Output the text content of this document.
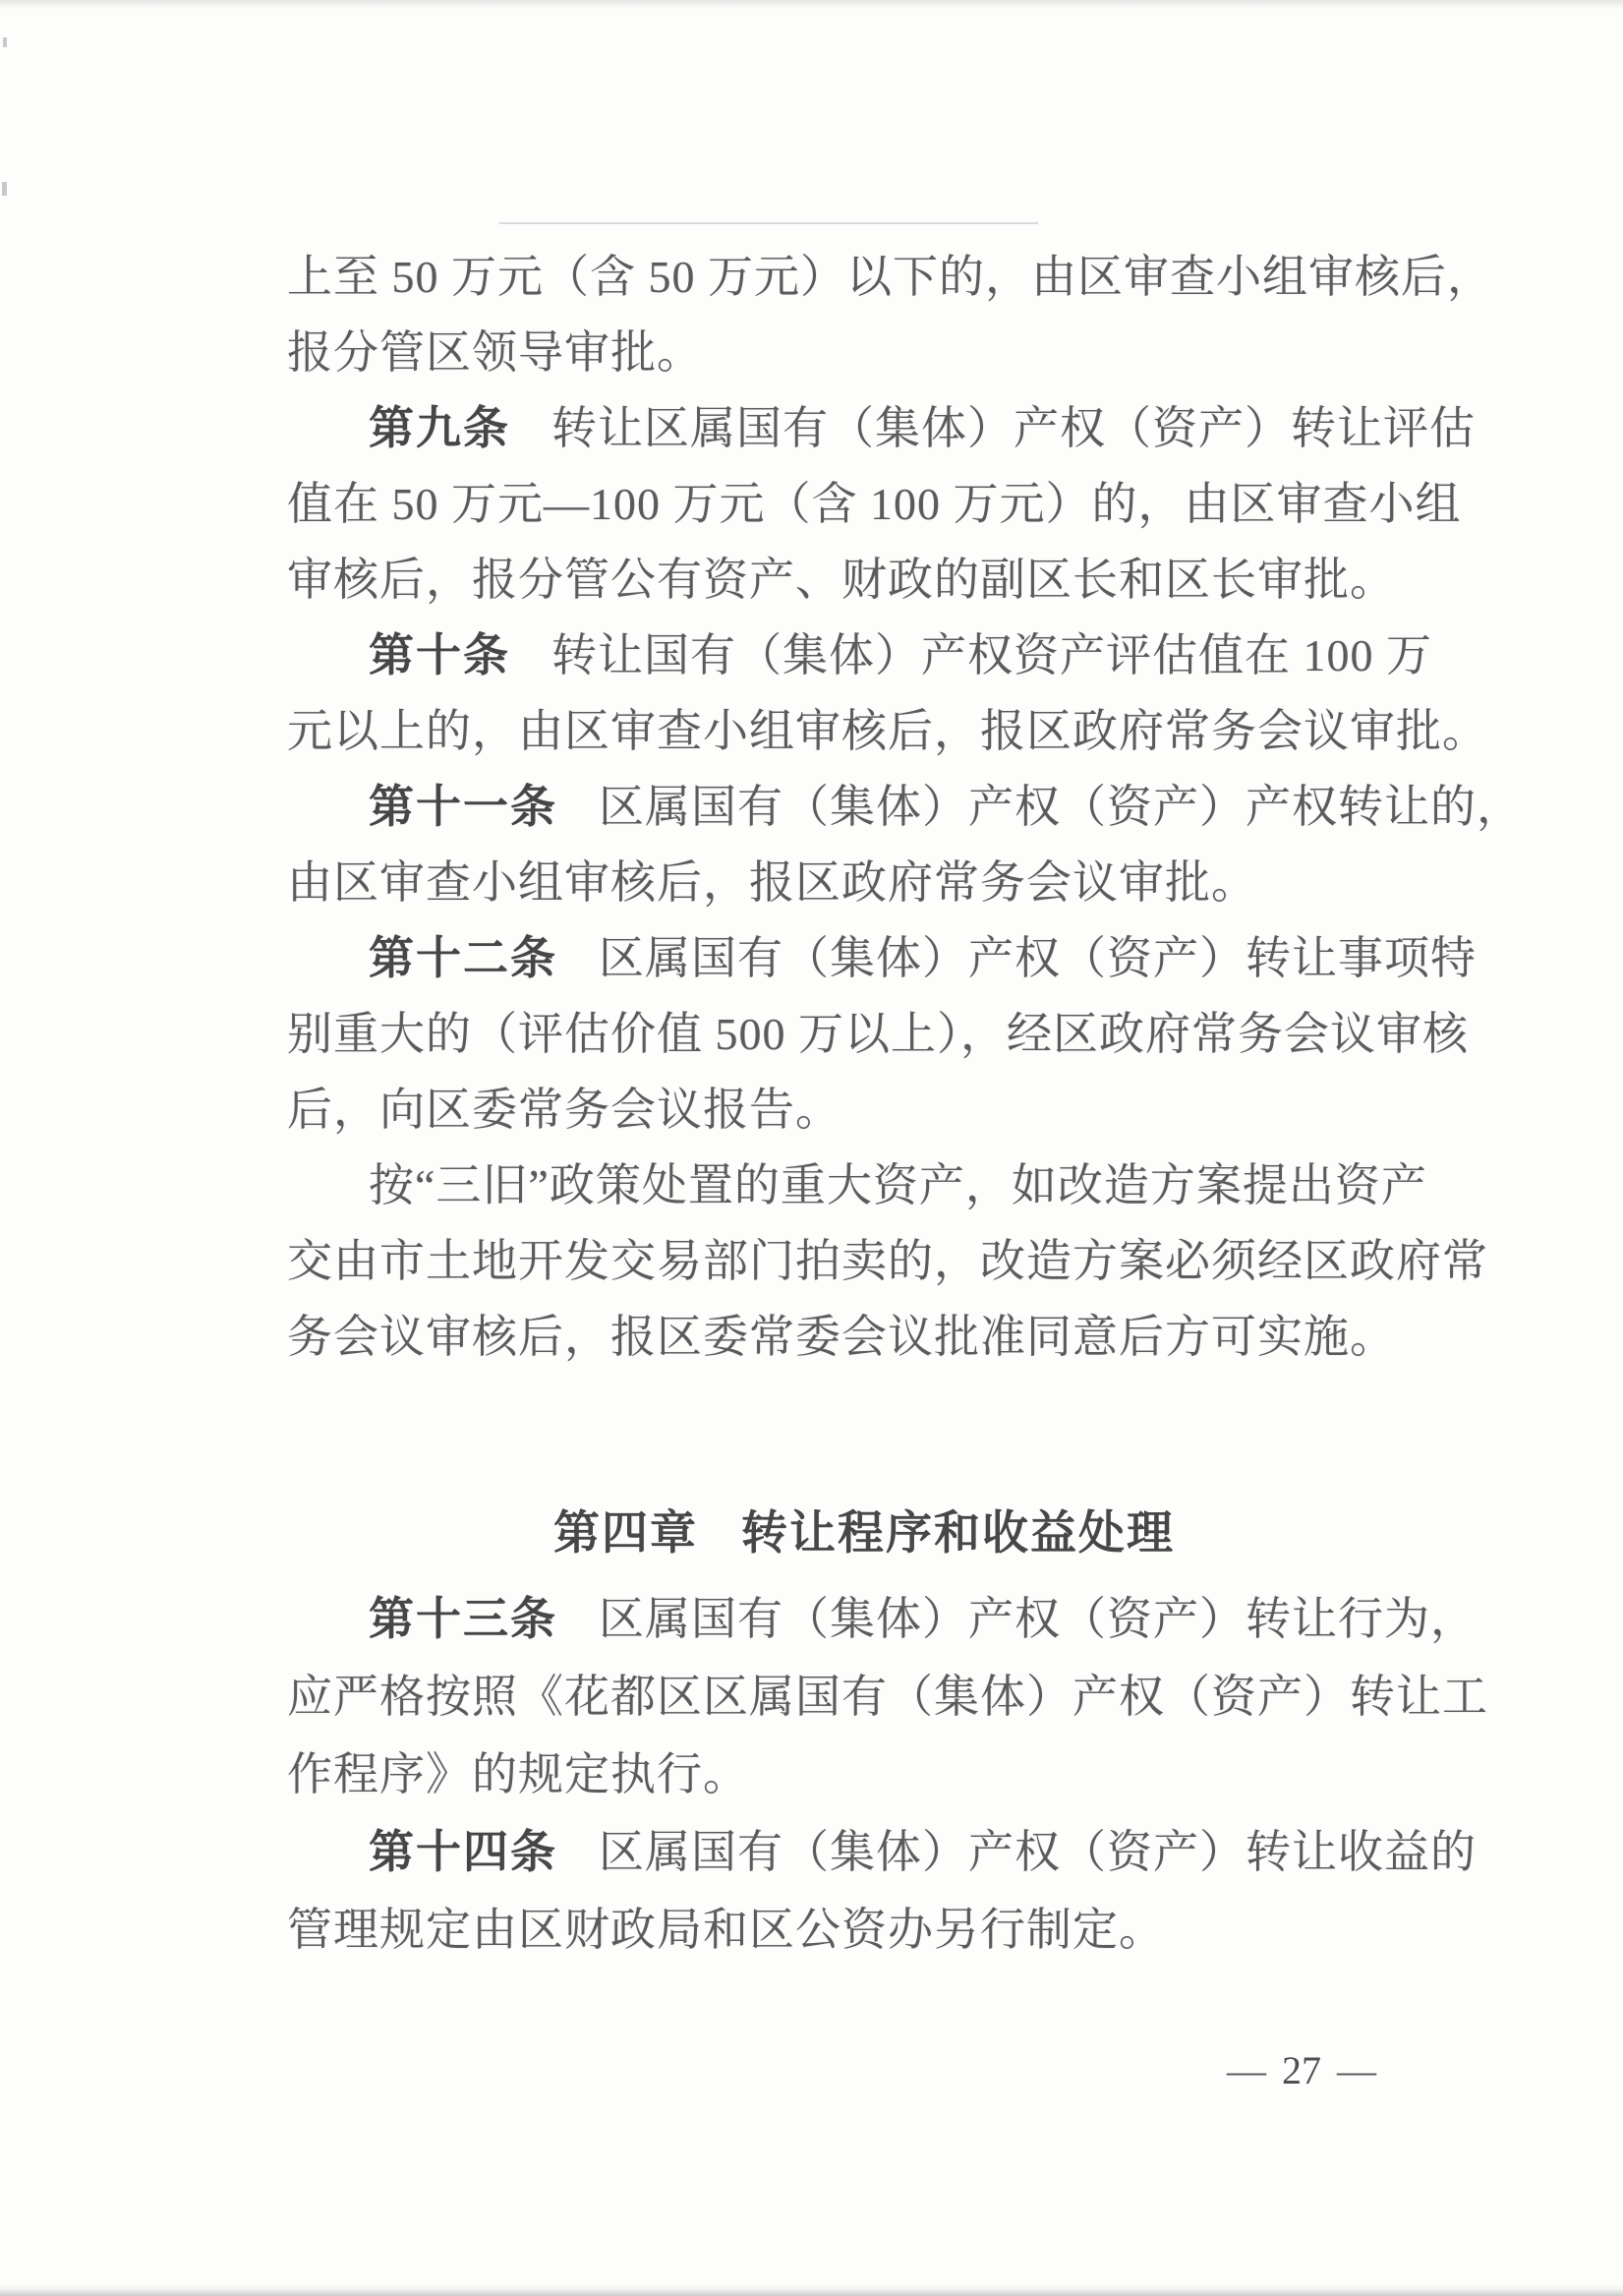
上至 50 万元（含 50 万元）以下的，由区审查小组审核后，
报分管区领导审批。
第九条 转让区属国有（集体）产权（资产）转让评估
值在 50 万元—100 万元（含 100 万元）的，由区审查小组
审核后，报分管公有资产、财政的副区长和区长审批。
第十条 转让国有（集体）产权资产评估值在 100 万
元以上的，由区审查小组审核后，报区政府常务会议审批。
第十一条 区属国有（集体）产权（资产）产权转让的，
由区审查小组审核后，报区政府常务会议审批。
第十二条 区属国有（集体）产权（资产）转让事项特
别重大的（评估价值 500 万以上），经区政府常务会议审核
后，向区委常务会议报告。
按“三旧”政策处置的重大资产，如改造方案提出资产
交由市土地开发交易部门拍卖的，改造方案必须经区政府常
务会议审核后，报区委常委会议批准同意后方可实施。
第四章 转让程序和收益处理
第十三条 区属国有（集体）产权（资产）转让行为，
应严格按照《花都区区属国有（集体）产权（资产）转让工
作程序》的规定执行。
第十四条 区属国有（集体）产权（资产）转让收益的
管理规定由区财政局和区公资办另行制定。
— 27 —
